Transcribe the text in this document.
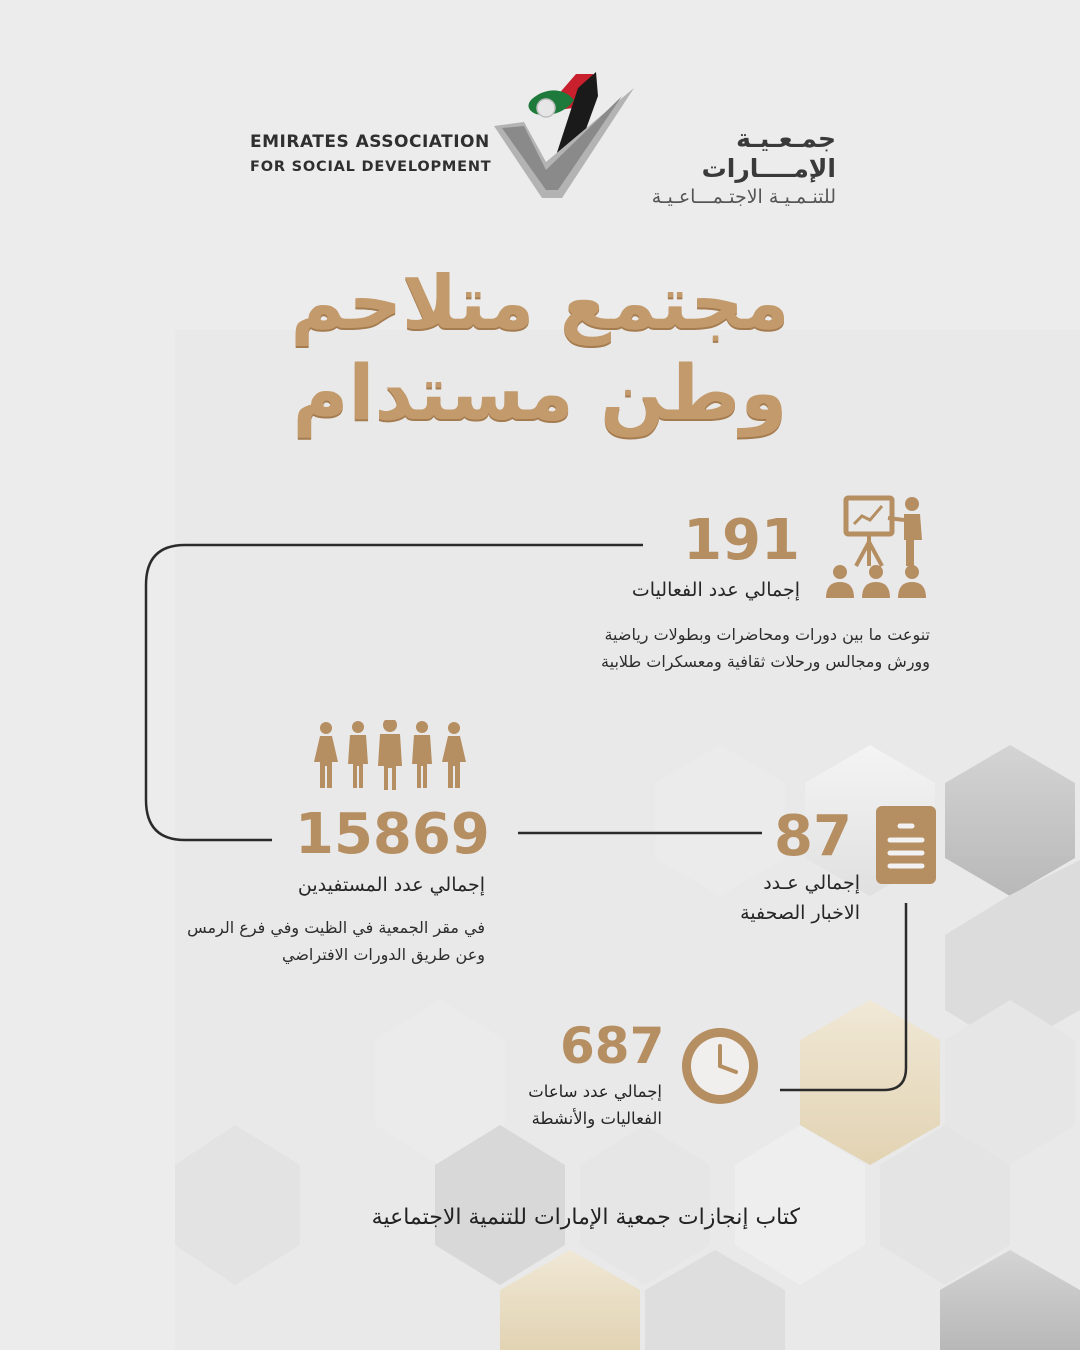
EMIRATES ASSOCIATION
FOR SOCIAL DEVELOPMENT
جمـعـيـة الإمــــارات
للتنـمـيـة الاجتـمـــاعـيـة
مجتمع متلاحم
وطن مستدام
191
إجمالي عدد الفعاليات
تنوعت ما بين دورات ومحاضرات وبطولات رياضية
وورش ومجالس ورحلات ثقافية ومعسكرات طلابية
15869
إجمالي عدد المستفيدين
في مقر الجمعية في الظيت وفي فرع الرمس
وعن طريق الدورات الافتراضي
87
إجمالي عـدد
الاخبار الصحفية
687
إجمالي عدد ساعات
الفعاليات والأنشطة
كتاب إنجازات جمعية الإمارات للتنمية الاجتماعية
